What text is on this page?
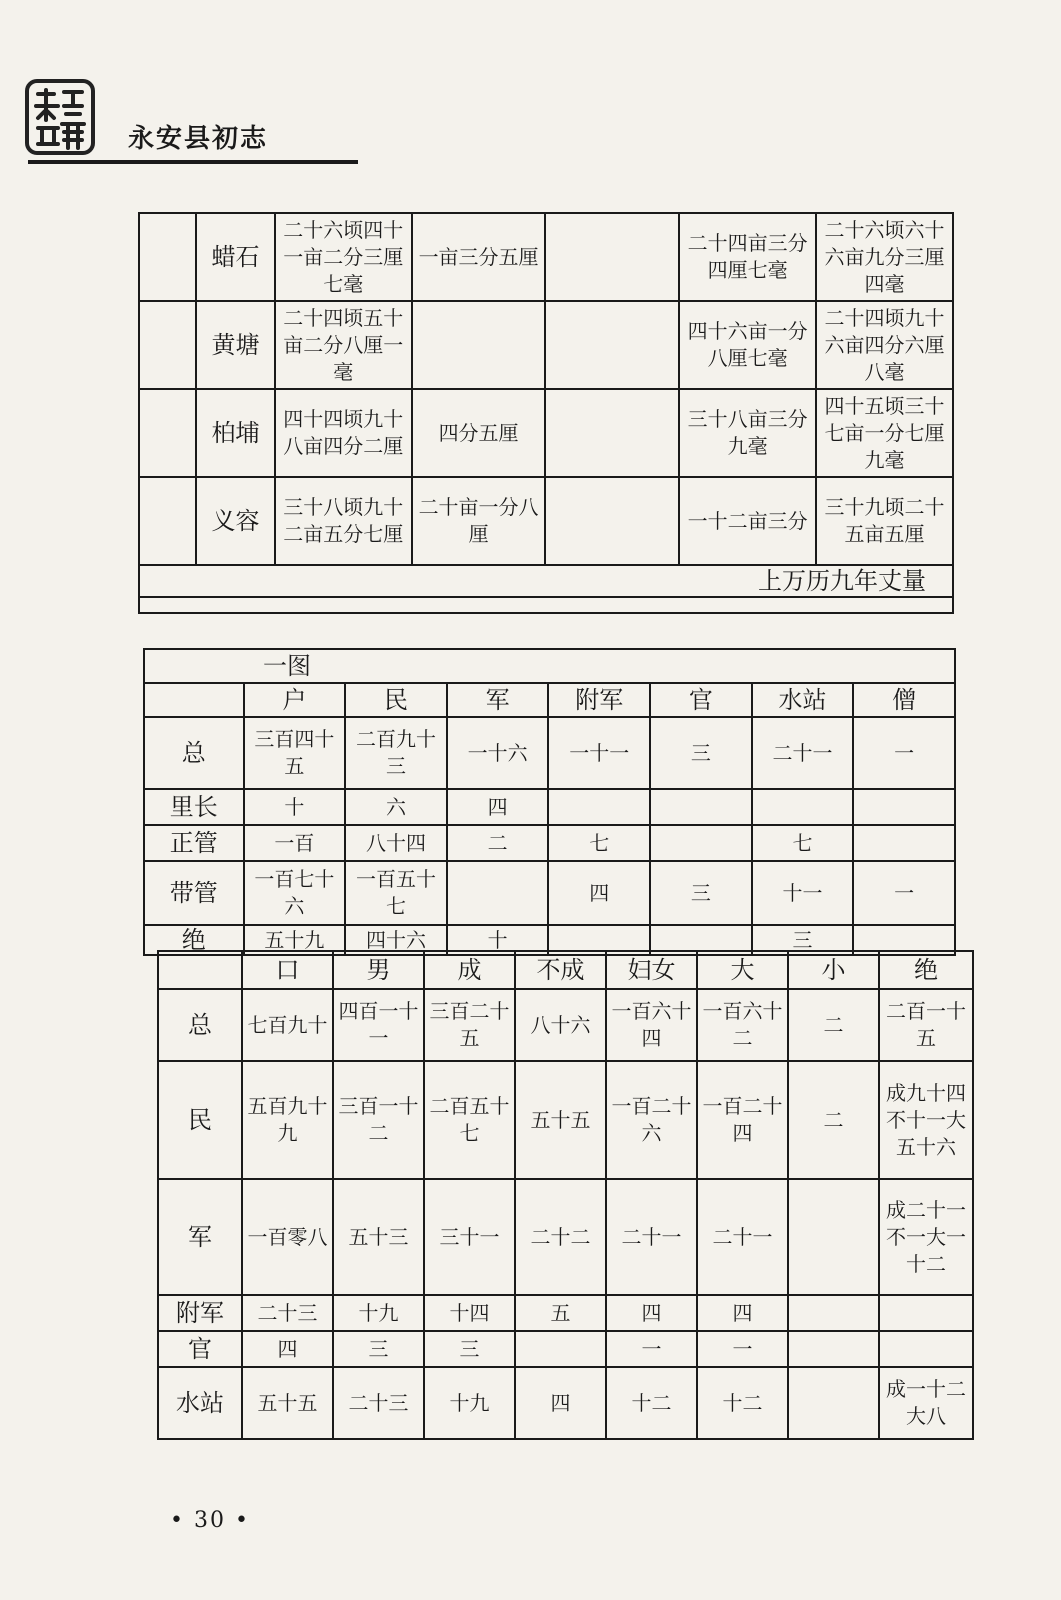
永安县初志
	蜡石	二十六顷四十一亩二分三厘七毫	一亩三分五厘		二十四亩三分四厘七毫	二十六顷六十六亩九分三厘四毫
	黄塘	二十四顷五十亩二分八厘一毫			四十六亩一分八厘七毫	二十四顷九十六亩四分六厘八毫
	柏埔	四十四顷九十八亩四分二厘	四分五厘		三十八亩三分九毫	四十五顷三十七亩一分七厘九毫
	义容	三十八顷九十二亩五分七厘	二十亩一分八厘		一十二亩三分	三十九顷二十五亩五厘
上万历九年丈量						

一图							
	户	民	军	附军	官	水站	僧
总	三百四十五	二百九十三	一十六	一十一	三	二十一	一
里长	十	六	四				
正管	一百	八十四	二	七		七	
带管	一百七十六	一百五十七		四	三	十一	一
绝	五十九	四十六	十			三	
	口	男	成	不成	妇女	大	小	绝
总	七百九十	四百一十一	三百二十五	八十六	一百六十四	一百六十二	二	二百一十五
民	五百九十九	三百一十二	二百五十七	五十五	一百二十六	一百二十四	二	成九十四不十一大五十六
军	一百零八	五十三	三十一	二十二	二十一	二十一		成二十一不一大一十二
附军	二十三	十九	十四	五	四	四		
官	四	三	三		一	一		
水站	五十五	二十三	十九	四	十二	十二		成一十二大八
• 30 •
